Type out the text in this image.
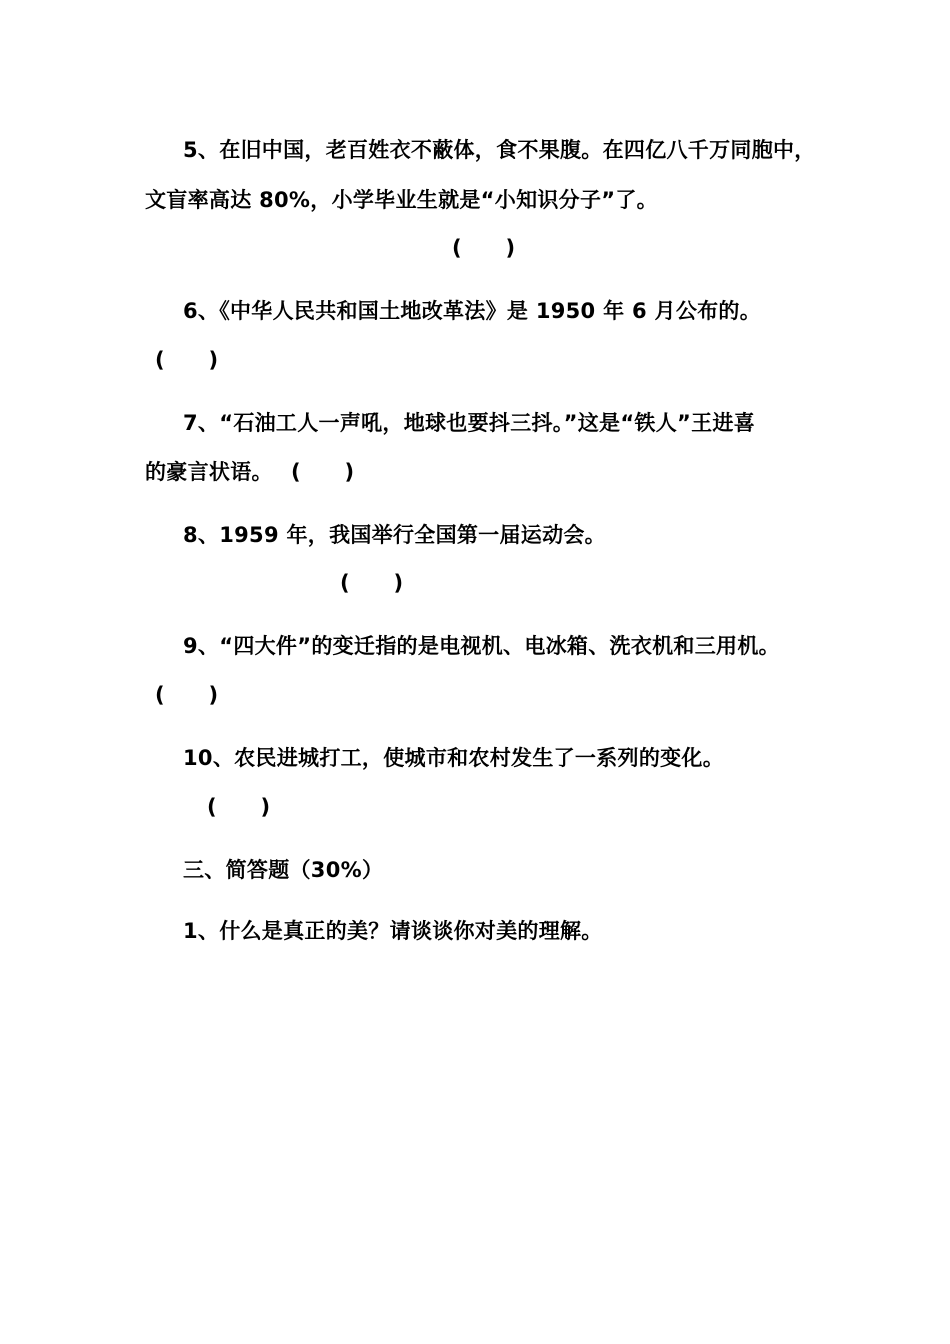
5、在旧中国，老百姓衣不蔽体，食不果腹。在四亿八千万同胞中，
文盲率高达 80%，小学毕业生就是“小知识分子”了。
(      )
6、《中华人民共和国土地改革法》是 1950 年 6 月公布的。
(      )
7、“石油工人一声吼，地球也要抖三抖。”这是“铁人”王进喜
的豪言状语。 (      )
8、1959 年，我国举行全国第一届运动会。
(      )
9、“四大件”的变迁指的是电视机、电冰箱、洗衣机和三用机。
(      )
10、农民进城打工，使城市和农村发生了一系列的变化。
(      )
三、简答题（30%）
1、什么是真正的美？请谈谈你对美的理解。
